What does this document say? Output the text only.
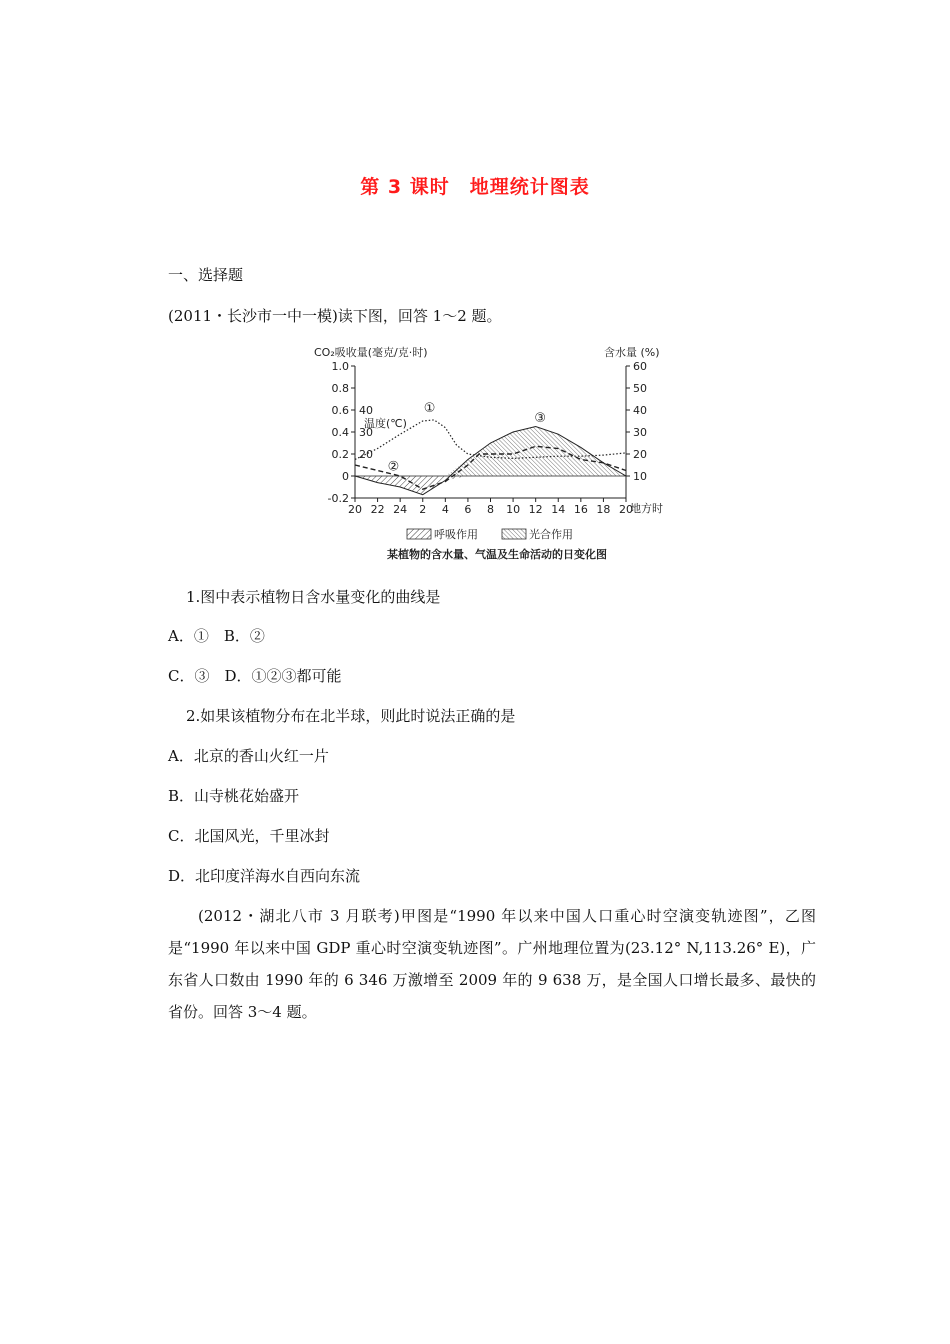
第 3 课时　地理统计图表
一、选择题
(2011・长沙市一中一模)读下图，回答 1～2 题。
CO₂吸收量(毫克/克·时)	含水量 (%)
温度(℃)
地方时
1.0
0.8
0.6
0.4
0.2
0
-0.2
60
50
40
30
20
10
40
30
20
20 22 24 2 4 6 8 10 12 14 16 18 20
①
②
③
呼吸作用	光合作用
某植物的含水量、气温及生命活动的日变化图
1.图中表示植物日含水量变化的曲线是
A．①　B．②
C．③　D．①②③都可能
2.如果该植物分布在北半球，则此时说法正确的是
A．北京的香山火红一片
B．山寺桃花始盛开
C．北国风光，千里冰封
D．北印度洋海水自西向东流
(2012・湖北八市 3 月联考)甲图是“1990 年以来中国人口重心时空演变轨迹图”，乙图是“1990 年以来中国 GDP 重心时空演变轨迹图”。广州地理位置为(23.12° N,113.26° E)，广东省人口数由 1990 年的 6 346 万激增至 2009 年的 9 638 万，是全国人口增长最多、最快的省份。回答 3～4 题。
